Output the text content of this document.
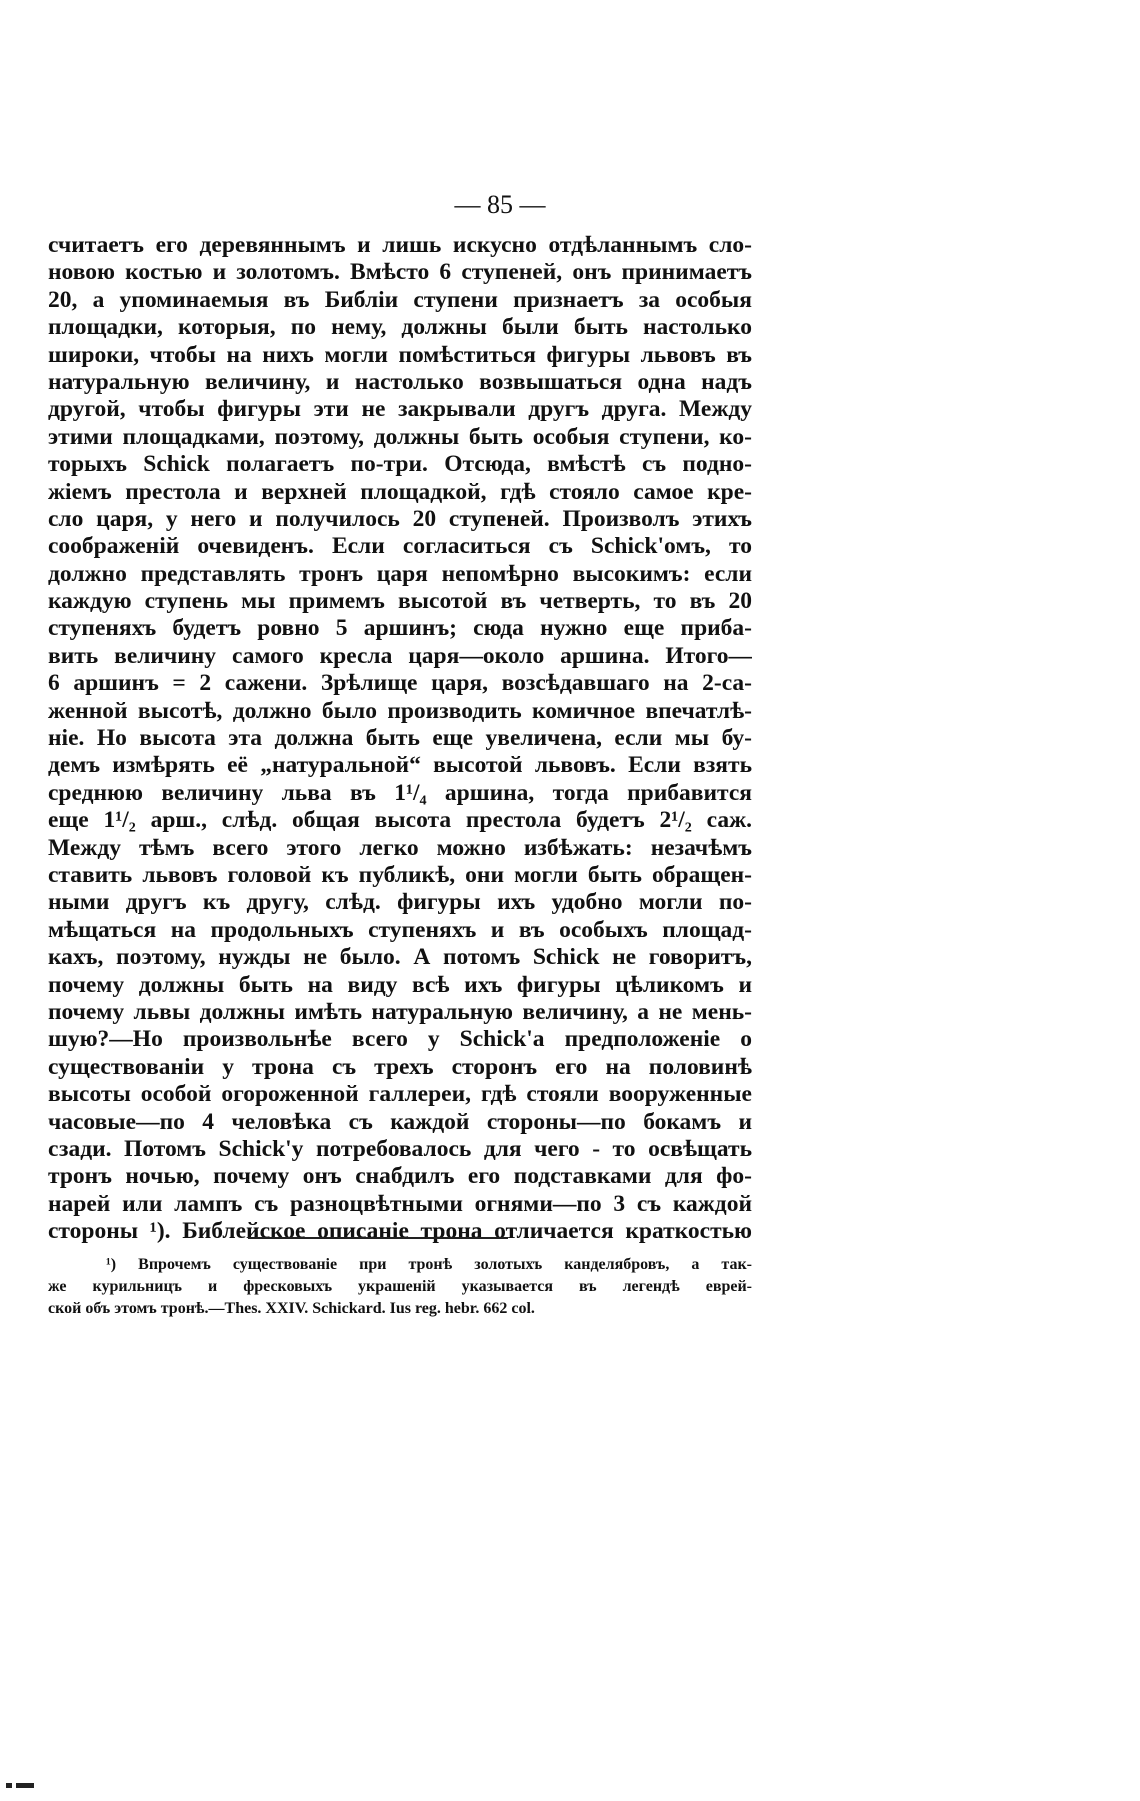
— 85 —
считаетъ его деревяннымъ и лишь искусно отдѣланнымъ сло-
новою костью и золотомъ. Вмѣсто 6 ступеней, онъ принимаетъ
20, а упоминаемыя въ Библіи ступени признаетъ за особыя
площадки, которыя, по нему, должны были быть настолько
широки, чтобы на нихъ могли помѣститься фигуры львовъ въ
натуральную величину, и настолько возвышаться одна надъ
другой, чтобы фигуры эти не закрывали другъ друга. Между
этими площадками, поэтому, должны быть особыя ступени, ко-
торыхъ Schick полагаетъ по-три. Отсюда, вмѣстѣ съ подно-
жіемъ престола и верхней площадкой, гдѣ стояло самое кре-
сло царя, у него и получилось 20 ступеней. Произволъ этихъ
соображеній очевиденъ. Если согласиться съ Schick'омъ, то
должно представлять тронъ царя непомѣрно высокимъ: если
каждую ступень мы примемъ высотой въ четверть, то въ 20
ступеняхъ будетъ ровно 5 аршинъ; сюда нужно еще приба-
вить величину самого кресла царя—около аршина. Итого—
6 аршинъ = 2 сажени. Зрѣлище царя, возсѣдавшаго на 2-са-
женной высотѣ, должно было производить комичное впечатлѣ-
ніе. Но высота эта должна быть еще увеличена, если мы бу-
демъ измѣрять её „натуральной“ высотой львовъ. Если взять
среднюю величину льва въ 1¹/₄ аршина, тогда прибавится
еще 1¹/₂ арш., слѣд. общая высота престола будетъ 2¹/₂ саж.
Между тѣмъ всего этого легко можно избѣжать: незачѣмъ
ставить львовъ головой къ публикѣ, они могли быть обращен-
ными другъ къ другу, слѣд. фигуры ихъ удобно могли по-
мѣщаться на продольныхъ ступеняхъ и въ особыхъ площад-
кахъ, поэтому, нужды не было. А потомъ Schick не говоритъ,
почему должны быть на виду всѣ ихъ фигуры цѣликомъ и
почему львы должны имѣть натуральную величину, а не мень-
шую?—Но произвольнѣе всего у Schick'а предположеніе о
существованіи у трона съ трехъ сторонъ его на половинѣ
высоты особой огороженной галлереи, гдѣ стояли вооруженные
часовые—по 4 человѣка съ каждой стороны—по бокамъ и
сзади. Потомъ Schick'у потребовалось для чего - то освѣщать
тронъ ночью, почему онъ снабдилъ его подставками для фо-
нарей или лампъ съ разноцвѣтными огнями—по 3 съ каждой
стороны ¹). Библейское описаніе трона отличается краткостью
¹) Впрочемъ существованіе при тронѣ золотыхъ канделябровъ, а так-
же курильницъ и фресковыхъ украшеній указывается въ легендѣ еврей-
ской объ этомъ тронѣ.—Thes. XXIV. Schickard. Ius reg. hebr. 662 col.
